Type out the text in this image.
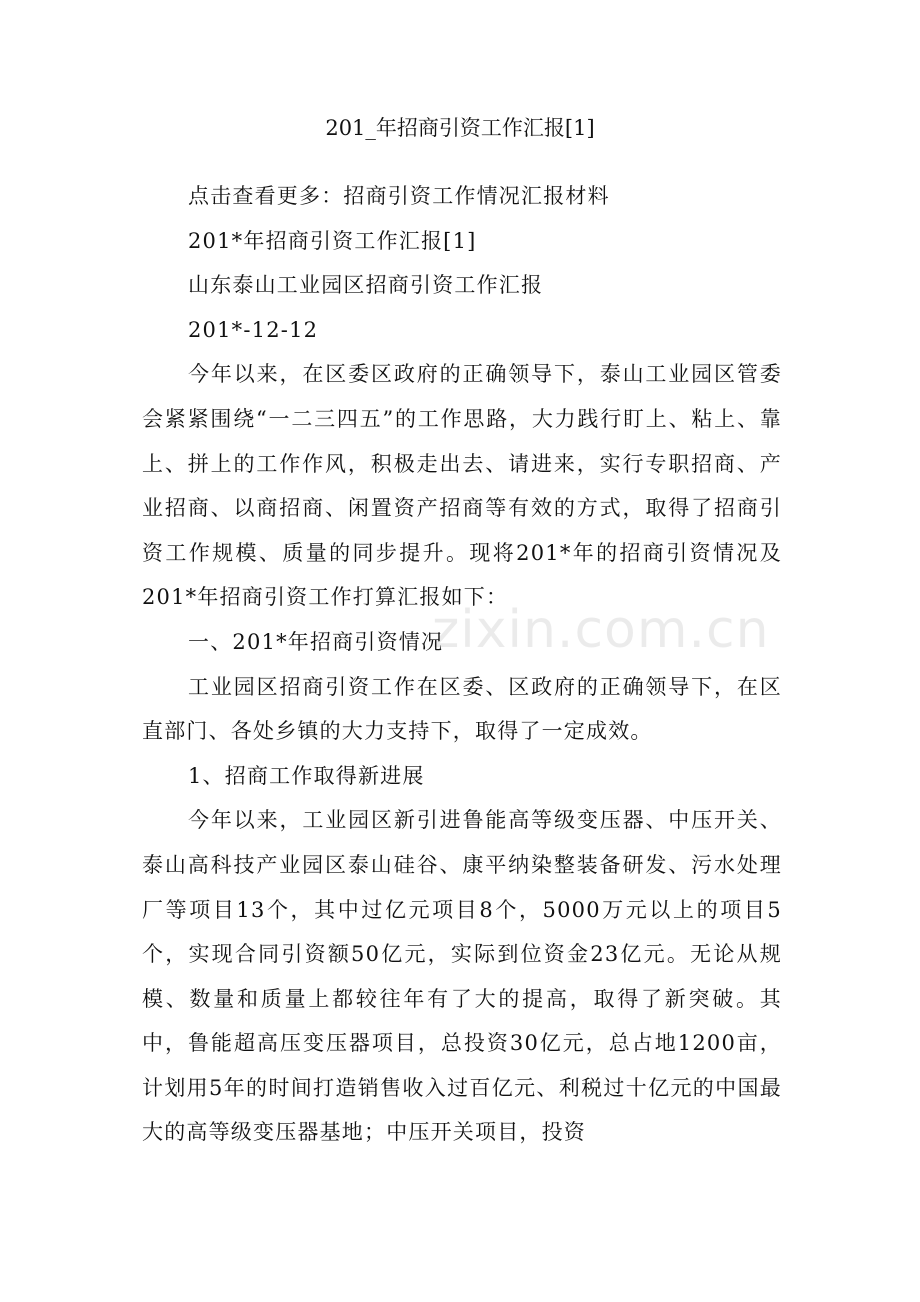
201_年招商引资工作汇报[1]

点击查看更多：招商引资工作情况汇报材料

201*年招商引资工作汇报[1]

山东泰山工业园区招商引资工作汇报

201*-12-12

今年以来，在区委区政府的正确领导下，泰山工业园区管委会紧紧围绕“一二三四五”的工作思路，大力践行盯上、粘上、靠上、拼上的工作作风，积极走出去、请进来，实行专职招商、产业招商、以商招商、闲置资产招商等有效的方式，取得了招商引资工作规模、质量的同步提升。现将201*年的招商引资情况及201*年招商引资工作打算汇报如下：

一、201*年招商引资情况

工业园区招商引资工作在区委、区政府的正确领导下，在区直部门、各处乡镇的大力支持下，取得了一定成效。

1、招商工作取得新进展

今年以来，工业园区新引进鲁能高等级变压器、中压开关、泰山高科技产业园区泰山硅谷、康平纳染整装备研发、污水处理厂等项目13个，其中过亿元项目8个，5000万元以上的项目5个，实现合同引资额50亿元，实际到位资金23亿元。无论从规模、数量和质量上都较往年有了大的提高，取得了新突破。其中，鲁能超高压变压器项目，总投资30亿元，总占地1200亩，计划用5年的时间打造销售收入过百亿元、利税过十亿元的中国最大的高等级变压器基地；中压开关项目，投资

zixin.com.cn
